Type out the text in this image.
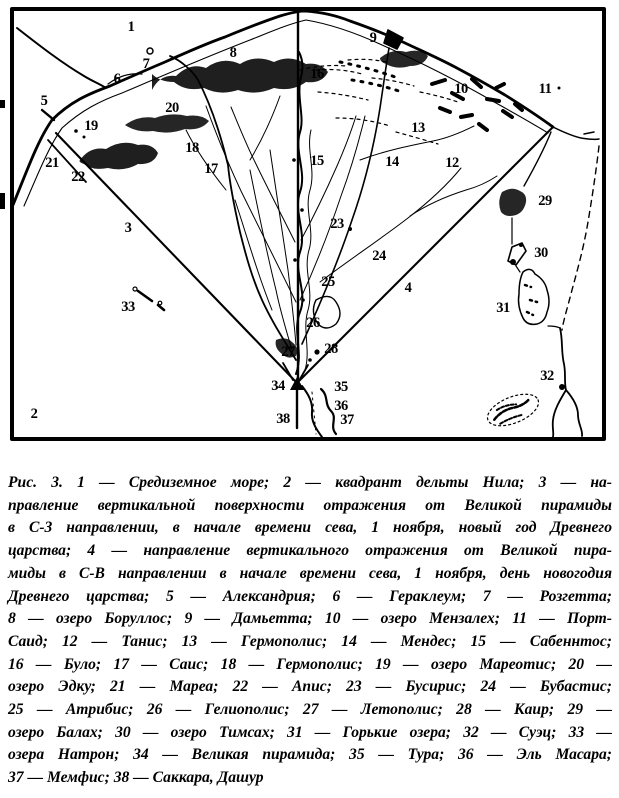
1
2
3
4
5
6
7
8
9
10	11
12
13
14
15
16
17
18
19
20
21
22
23
24
25
26
27 28
29
30
31
32
33
34	35
36
37
38
Рис. 3. 1 — Средиземное море; 2 — квадрант дельты Нила; 3 — на-
правление вертикальной поверхности отражения от Великой пирамиды
в С-3 направлении, в начале времени сева, 1 ноября, новый год Древнего
царства; 4 — направление вертикального отражения от Великой пира-
миды в С-В направлении в начале времени сева, 1 ноября, день новогодия
Древнего царства; 5 — Александрия; 6 — Гераклеум; 7 — Розгетта;
8 — озеро Боруллос; 9 — Дамьетта; 10 — озеро Мензалех; 11 — Порт-
Саид; 12 — Танис; 13 — Гермополис; 14 — Мендес; 15 — Сабеннтос;
16 — Було; 17 — Саис; 18 — Гермополис; 19 — озеро Мареотис; 20 —
озеро Эдку; 21 — Мареа; 22 — Апис; 23 — Бусирис; 24 — Бубастис;
25 — Атрибис; 26 — Гелиополис; 27 — Летополис; 28 — Каир; 29 —
озеро Балах; 30 — озеро Тимсах; 31 — Горькие озера; 32 — Суэц; 33 —
озера Натрон; 34 — Великая пирамида; 35 — Тура; 36 — Эль Масара;
37 — Мемфис; 38 — Саккара, Дашур
